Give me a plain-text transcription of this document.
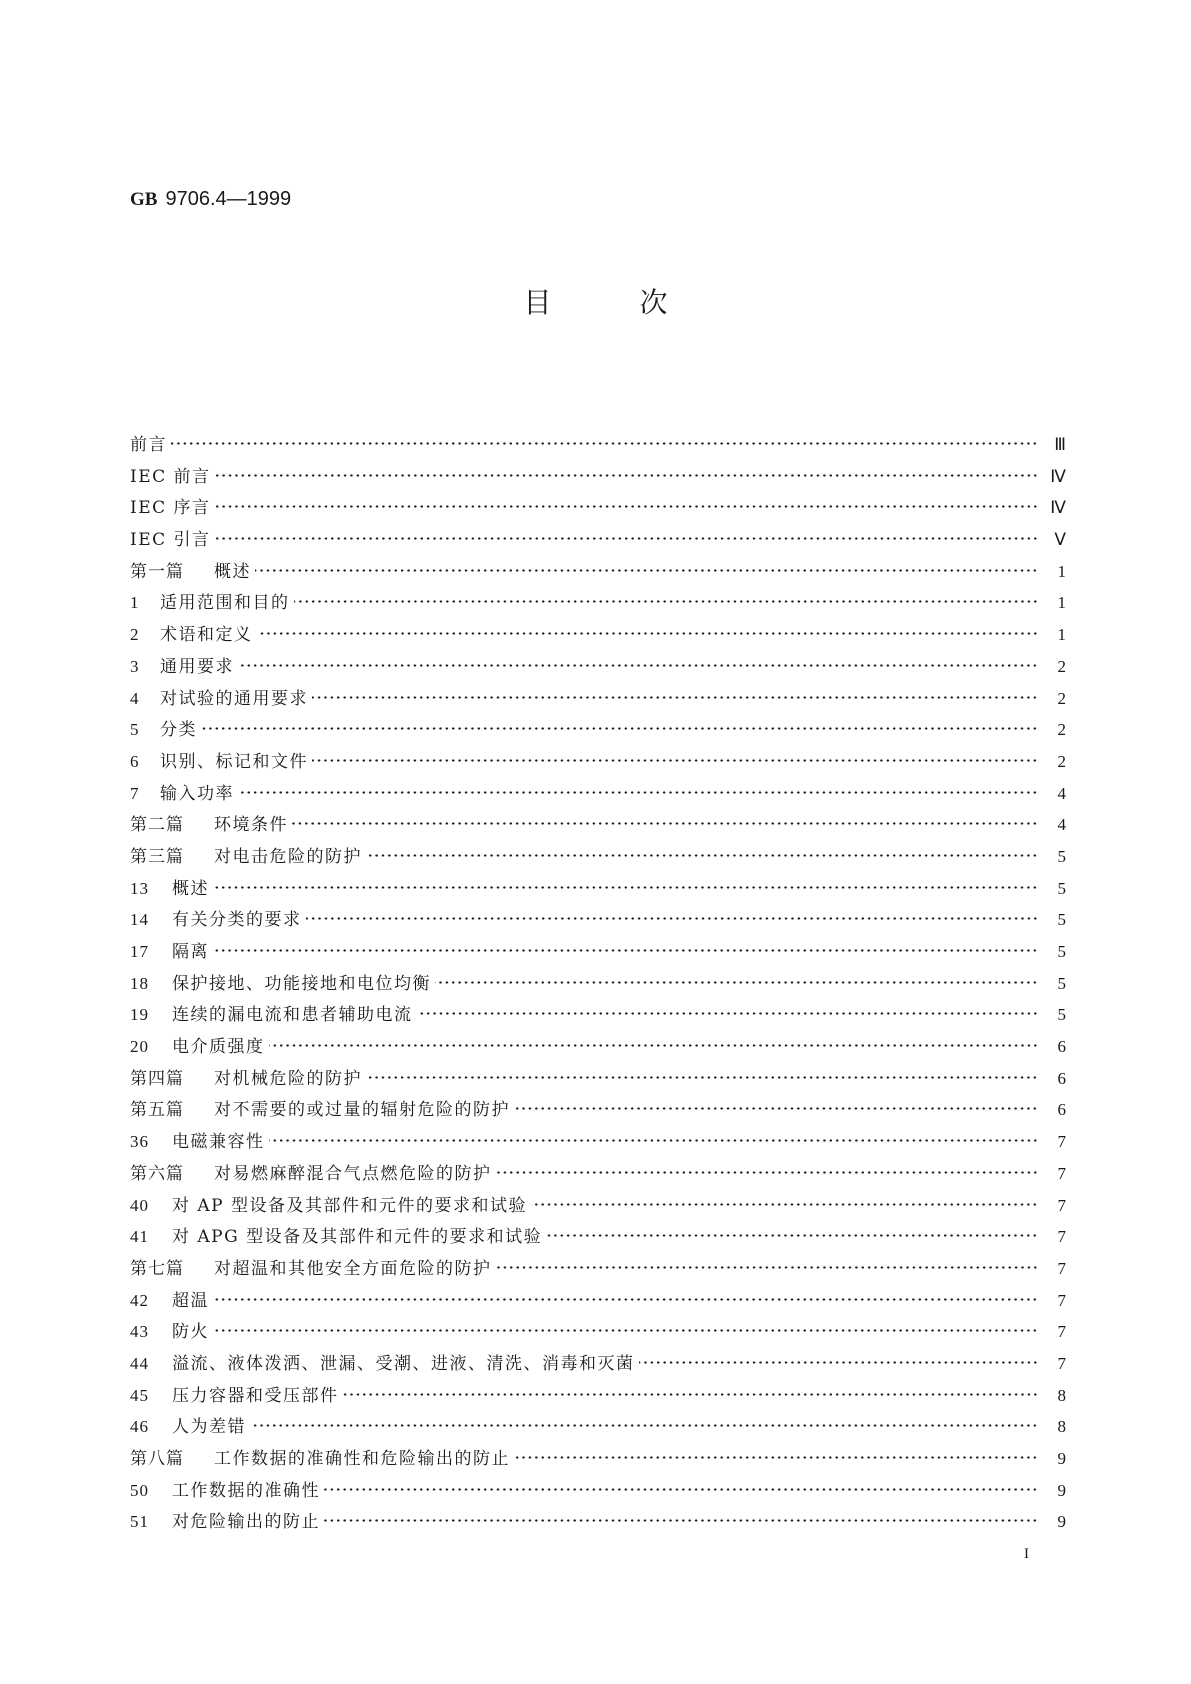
GB 9706.4—1999
目	次
前言	Ⅲ
IEC 前言	Ⅳ
IEC 序言	Ⅳ
IEC 引言	Ⅴ
第一篇 概述	1
1 适用范围和目的	1
2 术语和定义	1
3 通用要求	2
4 对试验的通用要求	2
5 分类	2
6 识别、标记和文件	2
7 输入功率	4
第二篇 环境条件	4
第三篇 对电击危险的防护	5
13 概述	5
14 有关分类的要求	5
17 隔离	5
18 保护接地、功能接地和电位均衡	5
19 连续的漏电流和患者辅助电流	5
20 电介质强度	6
第四篇 对机械危险的防护	6
第五篇 对不需要的或过量的辐射危险的防护	6
36 电磁兼容性	7
第六篇 对易燃麻醉混合气点燃危险的防护	7
40 对 AP 型设备及其部件和元件的要求和试验	7
41 对 APG 型设备及其部件和元件的要求和试验	7
第七篇 对超温和其他安全方面危险的防护	7
42 超温	7
43 防火	7
44 溢流、液体泼洒、泄漏、受潮、进液、清洗、消毒和灭菌	7
45 压力容器和受压部件	8
46 人为差错	8
第八篇 工作数据的准确性和危险输出的防止	9
50 工作数据的准确性	9
51 对危险输出的防止	9
I
